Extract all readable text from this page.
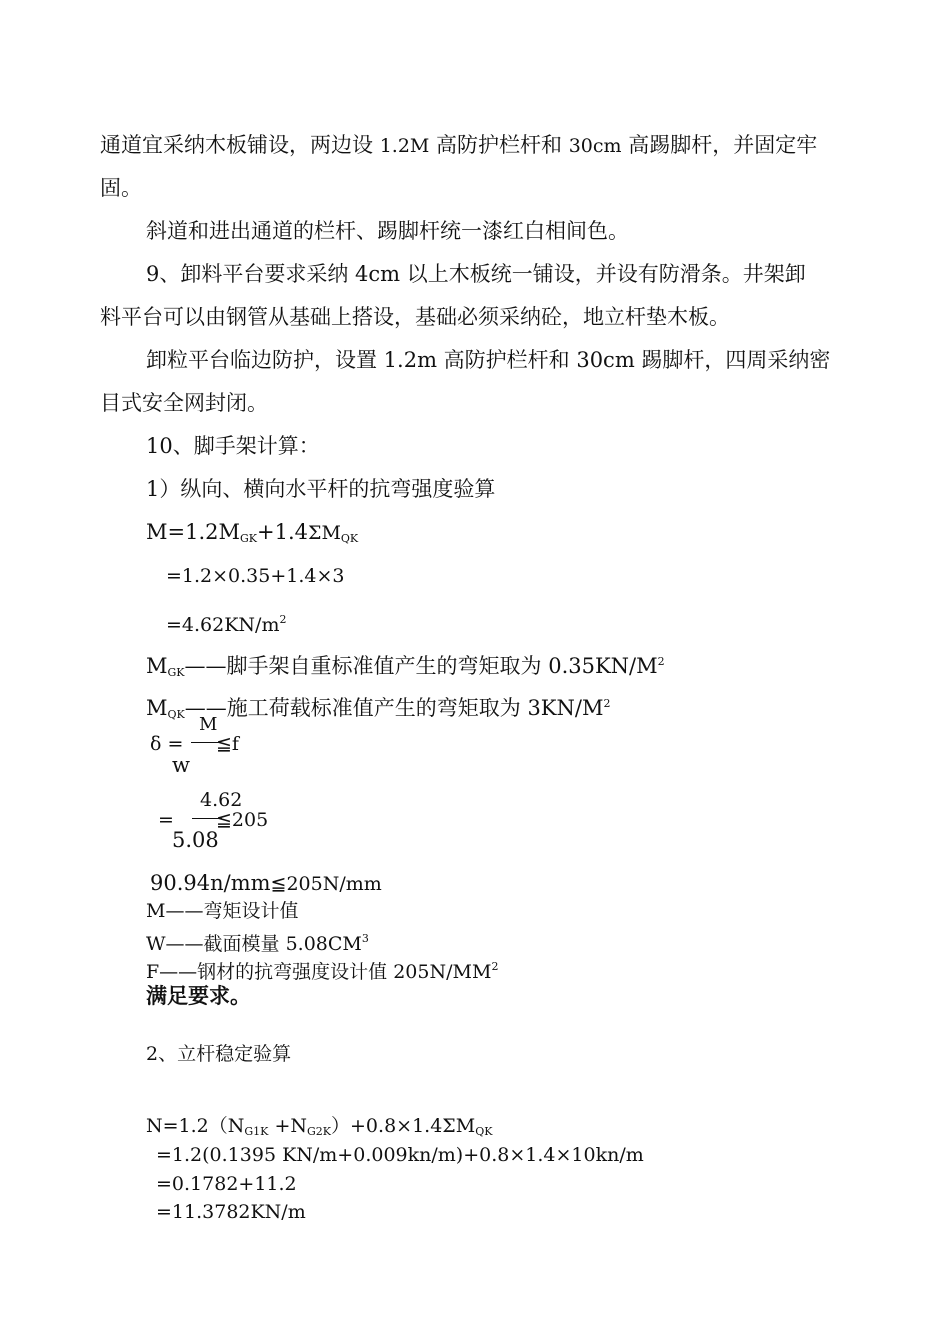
通道宜采纳木板铺设，两边设 1.2M 高防护栏杆和 30cm 高踢脚杆，并固定牢
固。
斜道和进出通道的栏杆、踢脚杆统一漆红白相间色。
9、卸料平台要求采纳 4cm 以上木板统一铺设，并设有防滑条。井架卸
料平台可以由钢管从基础上搭设，基础必须采纳砼，地立杆垫木板。
卸粒平台临边防护，设置 1.2m 高防护栏杆和 30cm 踢脚杆，四周采纳密
目式安全网封闭。
10、脚手架计算：
1）纵向、横向水平杆的抗弯强度验算
$M=1.2M_{GK}+1.4\Sigma M_{QK}$
=1.2×0.35+1.4×3
$=4.62KN/m^2$
$M_{GK}——$脚手架自重标准值产生的弯矩取为 $0.35KN/M^2$
$M_{QK}——$施工荷载标准值产生的弯矩取为 $3KN/M^2$
δ =
M
≦f
w
=
4.62
≦205
5.08
90.94n/mm≦205N/mm
M——弯矩设计值
W——截面模量 $5.08CM^3$
F——钢材的抗弯强度设计值 $205N/MM^2$
满足要求。
2、立杆稳定验算
$N=1.2(N_{G1K} +N_{G2K})+0.8\times 1.4\Sigma M_{QK}$
=1.2(0.1395 KN/m+0.009kn/m)+0.8×1.4×10kn/m
=0.1782+11.2
=11.3782KN/m
